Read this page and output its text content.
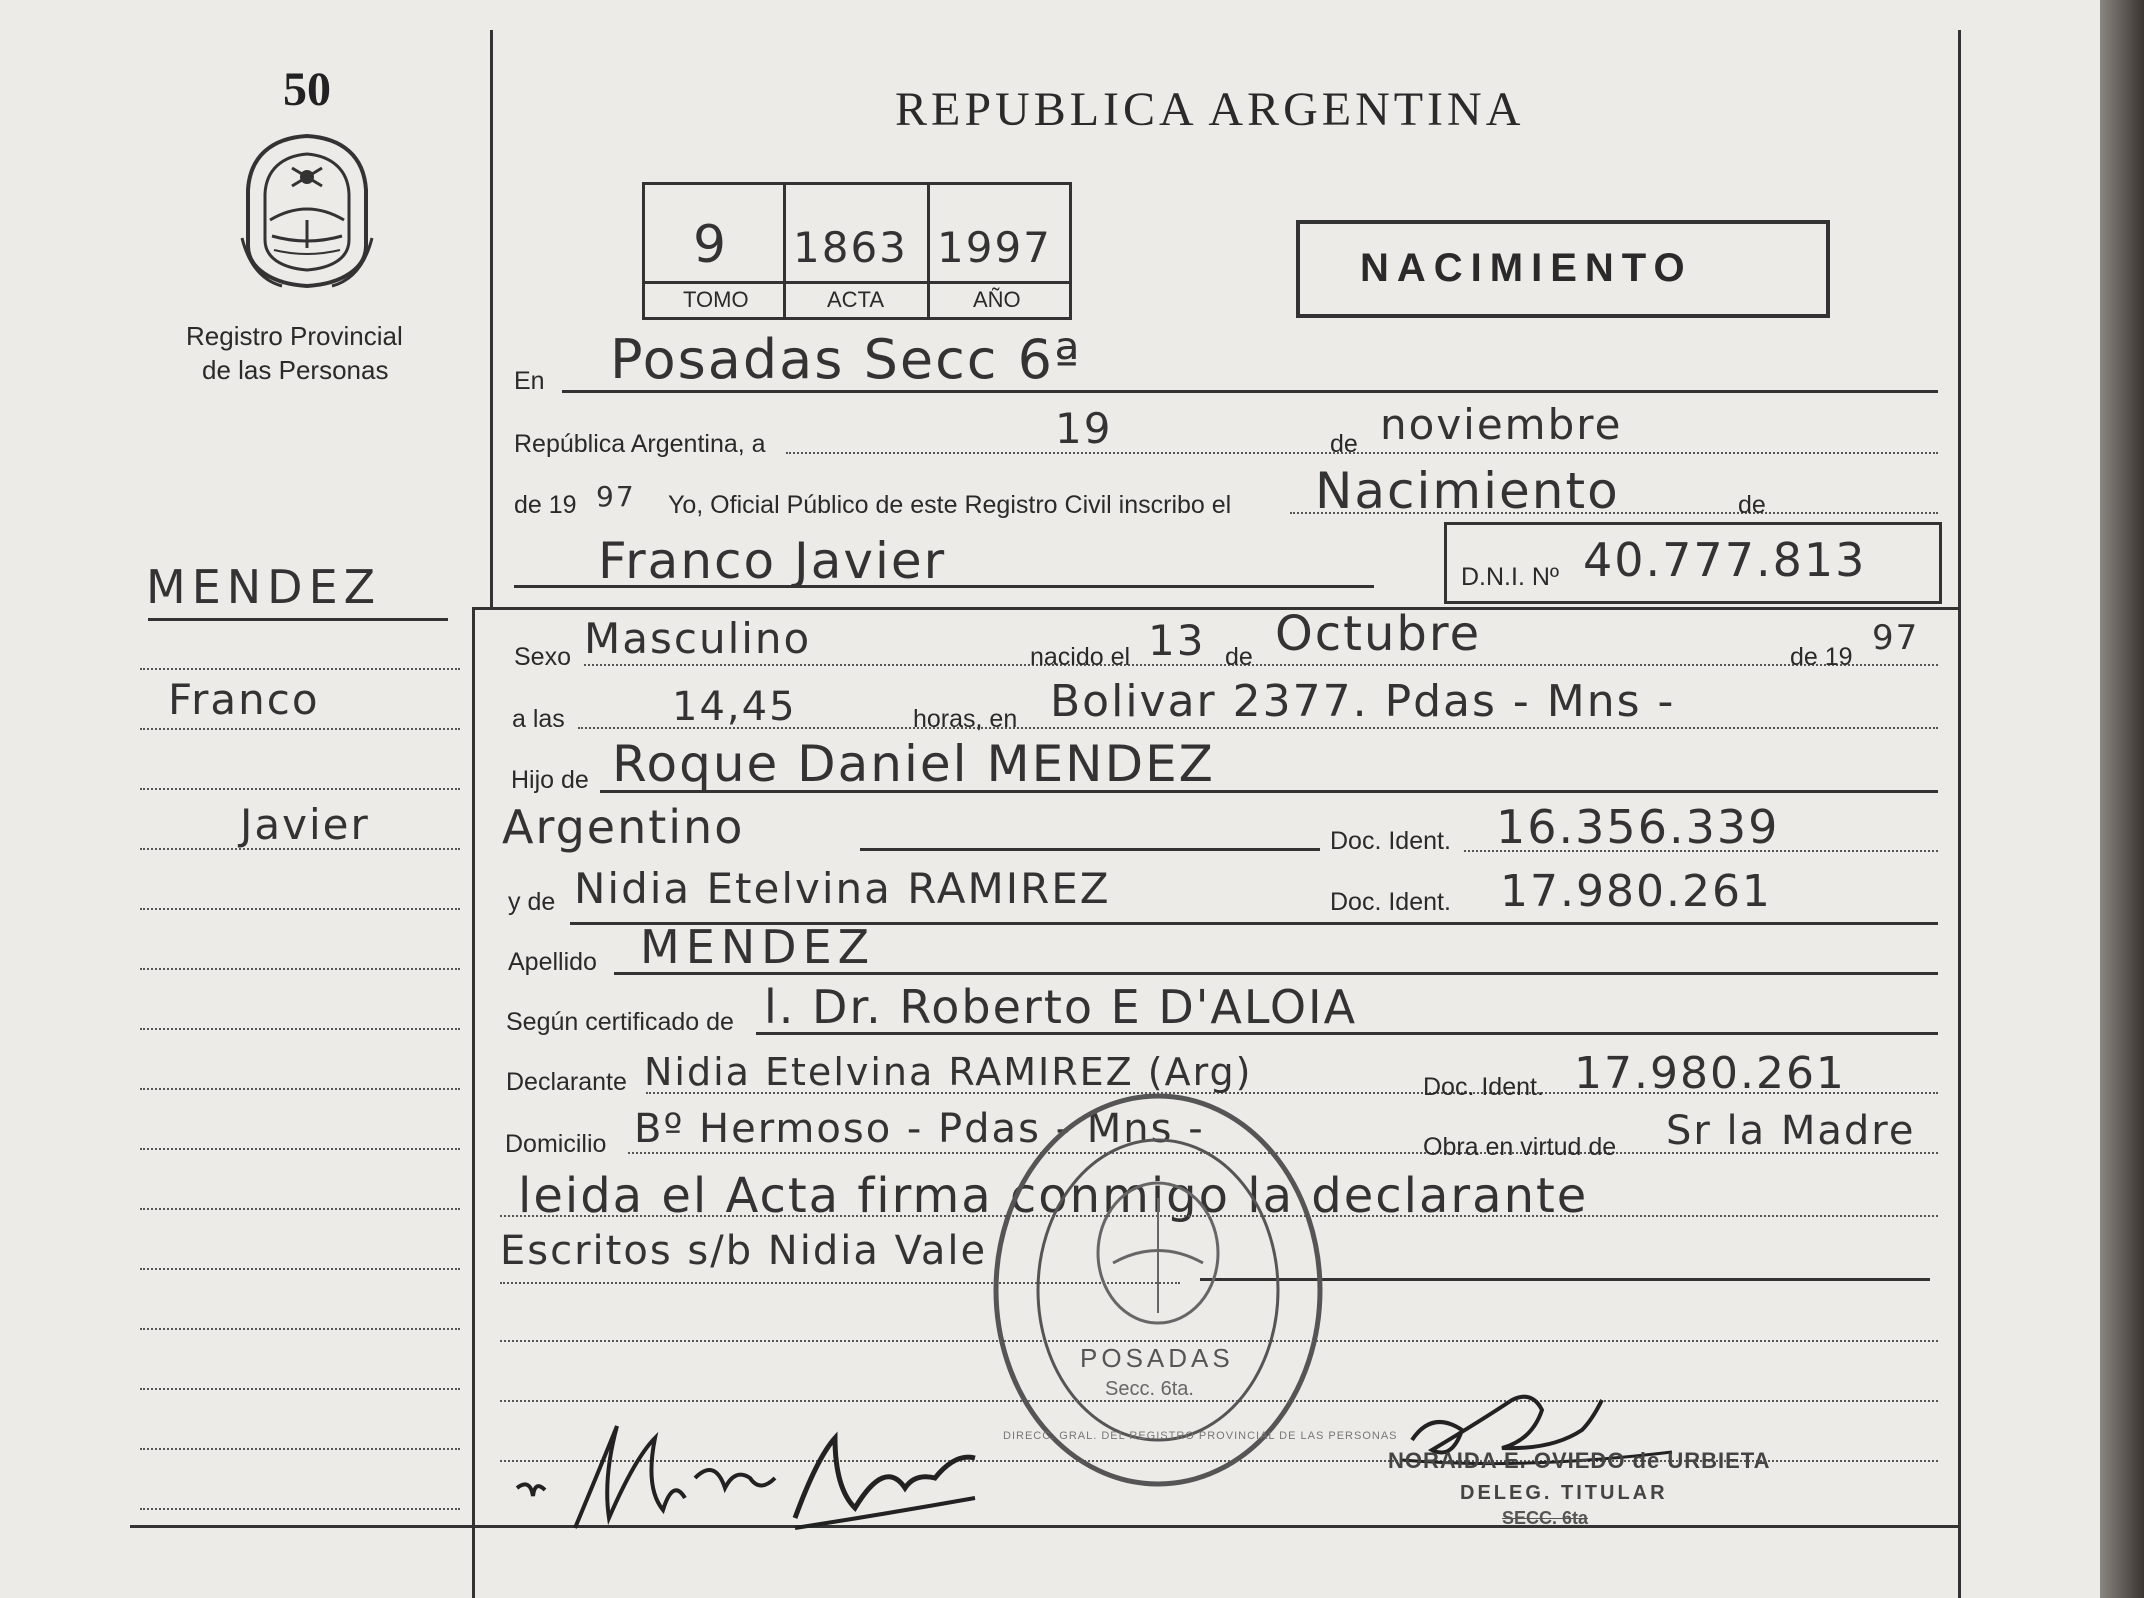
50
Registro Provincial
de las Personas
MENDEZ
Franco
Javier
REPUBLICA ARGENTINA
9 1863 1997
TOMO	ACTA	AÑO
NACIMIENTO
En Posadas Secc 6ª
República Argentina, a	19	de noviembre
de 19 97 Yo, Oficial Público de este Registro Civil inscribo el Nacimiento	de
Franco Javier	D.N.I. Nº 40.777.813
Sexo Masculino	nacido el 13 de Octubre	de 19 97
a las	14,45	horas, en Bolivar 2377. Pdas - Mns -
Hijo de Roque Daniel MENDEZ
Argentino	Doc. Ident. 16.356.339
y de Nidia Etelvina RAMIREZ	Doc. Ident. 17.980.261
Apellido MENDEZ
Según certificado de l. Dr. Roberto E D'ALOIA
Declarante Nidia Etelvina RAMIREZ (Arg)	Doc. Ident. 17.980.261
Domicilio Bº Hermoso - Pdas - Mns -	Obra en virtud de Sr la Madre
leida el Acta firma conmigo la declarante
Escritos s/b Nidia Vale
POSADAS
Secc. 6ta.
DIRECC. GRAL. DEL REGISTRO PROVINCIAL DE LAS PERSONAS
NORAIDA E. OVIEDO de URBIETA
DELEG. TITULAR
SECC. 6ta
